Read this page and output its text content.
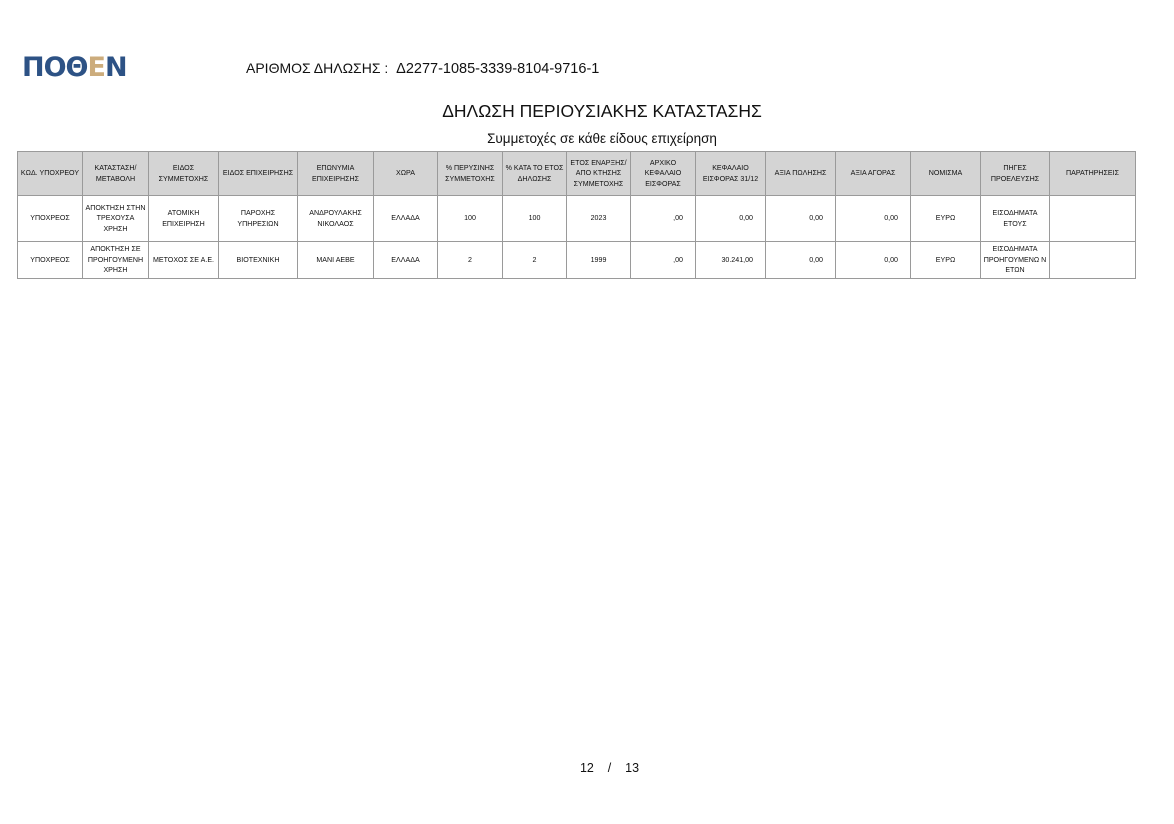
ΠΟΘ Ε Ν	ΑΡΙΘΜΟΣ ΔΗΛΩΣΗΣ : Δ2277-1085-3339-8104-9716-1
ΔΗΛΩΣΗ ΠΕΡΙΟΥΣΙΑΚΗΣ ΚΑΤΑΣΤΑΣΗΣ
Συμμετοχές σε κάθε είδους επιχείρηση
ΚΩΔ. ΥΠΟΧΡΕΟΥ	ΚΑΤΑΣΤΑΣΗ/ ΜΕΤΑΒΟΛΗ	ΕΙΔΟΣ ΣΥΜΜΕΤΟΧΗΣ	ΕΙΔΟΣ ΕΠΙΧΕΙΡΗΣΗΣ	ΕΠΩΝΥΜΙΑ ΕΠΙΧΕΙΡΗΣΗΣ	ΧΩΡΑ	% ΠΕΡΥΣΙΝΗΣ ΣΥΜΜΕΤΟΧΗΣ	% ΚΑΤΑ ΤΟ ΕΤΟΣ ΔΗΛΩΣΗΣ	ΕΤΟΣ ΕΝΑΡΞΗΣ/ΑΠΟ ΚΤΗΣΗΣ ΣΥΜΜΕΤΟΧΗΣ	ΑΡΧΙΚΟ ΚΕΦΑΛΑΙΟ ΕΙΣΦΟΡΑΣ	ΚΕΦΑΛΑΙΟ ΕΙΣΦΟΡΑΣ 31/12	ΑΞΙΑ ΠΩΛΗΣΗΣ	ΑΞΙΑ ΑΓΟΡΑΣ	ΝΟΜΙΣΜΑ	ΠΗΓΕΣ ΠΡΟΕΛΕΥΣΗΣ	ΠΑΡΑΤΗΡΗΣΕΙΣ
ΥΠΟΧΡΕΟΣ	ΑΠΟΚΤΗΣΗ ΣΤΗΝ ΤΡΕΧΟΥΣΑ ΧΡΗΣΗ	ΑΤΟΜΙΚΗ ΕΠΙΧΕΙΡΗΣΗ	ΠΑΡΟΧΗΣ ΥΠΗΡΕΣΙΩΝ	ΑΝΔΡΟΥΛΑΚΗΣ ΝΙΚΟΛΑΟΣ	ΕΛΛΑΔΑ	100	100	2023	,00	0,00	0,00	0,00	ΕΥΡΩ	ΕΙΣΟΔΗΜΑΤΑ ΕΤΟΥΣ	
ΥΠΟΧΡΕΟΣ	ΑΠΟΚΤΗΣΗ ΣΕ ΠΡΟΗΓΟΥΜΕΝΗ ΧΡΗΣΗ	ΜΕΤΟΧΟΣ ΣΕ Α.Ε.	ΒΙΟΤΕΧΝΙΚΗ	ΜΑΝΙ ΑΕΒΕ	ΕΛΛΑΔΑ	2	2	1999	,00	30.241,00	0,00	0,00	ΕΥΡΩ	ΕΙΣΟΔΗΜΑΤΑ ΠΡΟΗΓΟΥΜΕΝΩ Ν ΕΤΩΝ	
12 / 13
